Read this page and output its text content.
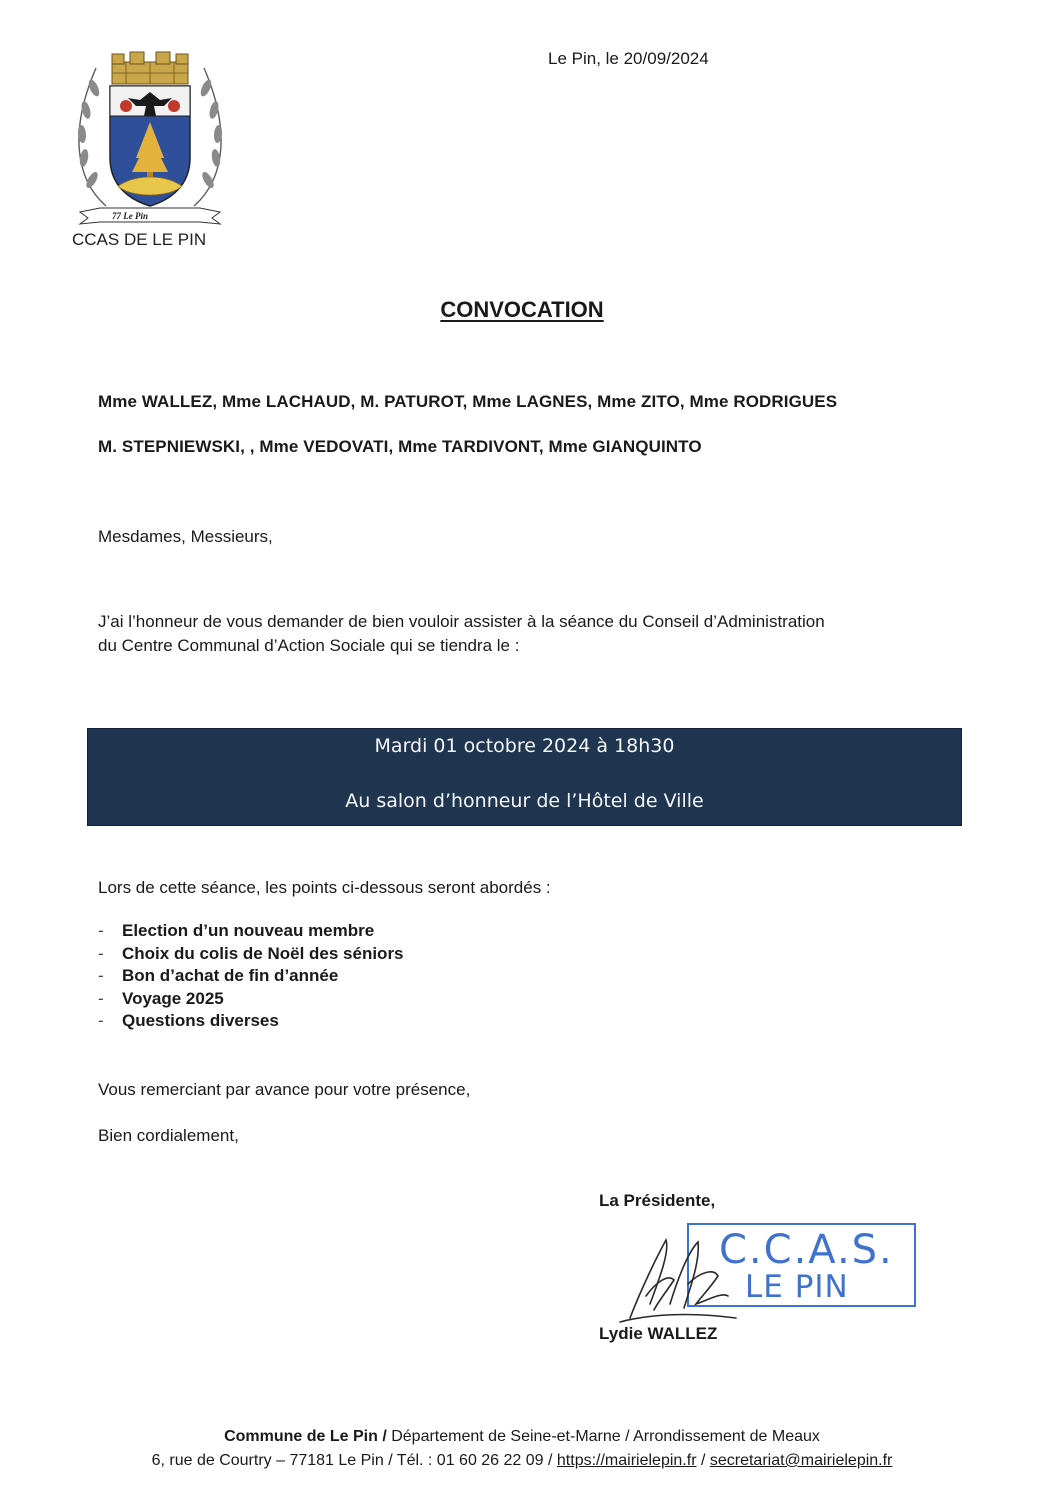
77 Le Pin
CCAS DE LE PIN
Le Pin, le 20/09/2024
CONVOCATION
Mme WALLEZ, Mme LACHAUD, M. PATUROT, Mme LAGNES, Mme ZITO, Mme RODRIGUES
M. STEPNIEWSKI, , Mme VEDOVATI, Mme TARDIVONT, Mme GIANQUINTO
Mesdames, Messieurs,
J’ai l’honneur de vous demander de bien vouloir assister à la séance du Conseil d’Administration
du Centre Communal d’Action Sociale qui se tiendra le :
Mardi 01 octobre 2024 à 18h30
Au salon d’honneur de l’Hôtel de Ville
Lors de cette séance, les points ci-dessous seront abordés :
- Election d’un nouveau membre
- Choix du colis de Noël des séniors
- Bon d’achat de fin d’année
- Voyage 2025
- Questions diverses
Vous remerciant par avance pour votre présence,
Bien cordialement,
La Présidente,
C.C.A.S.
LE PIN
Lydie WALLEZ
Commune de Le Pin / Département de Seine-et-Marne / Arrondissement de Meaux
6, rue de Courtry – 77181 Le Pin / Tél. : 01 60 26 22 09 / https://mairielepin.fr / secretariat@mairielepin.fr
